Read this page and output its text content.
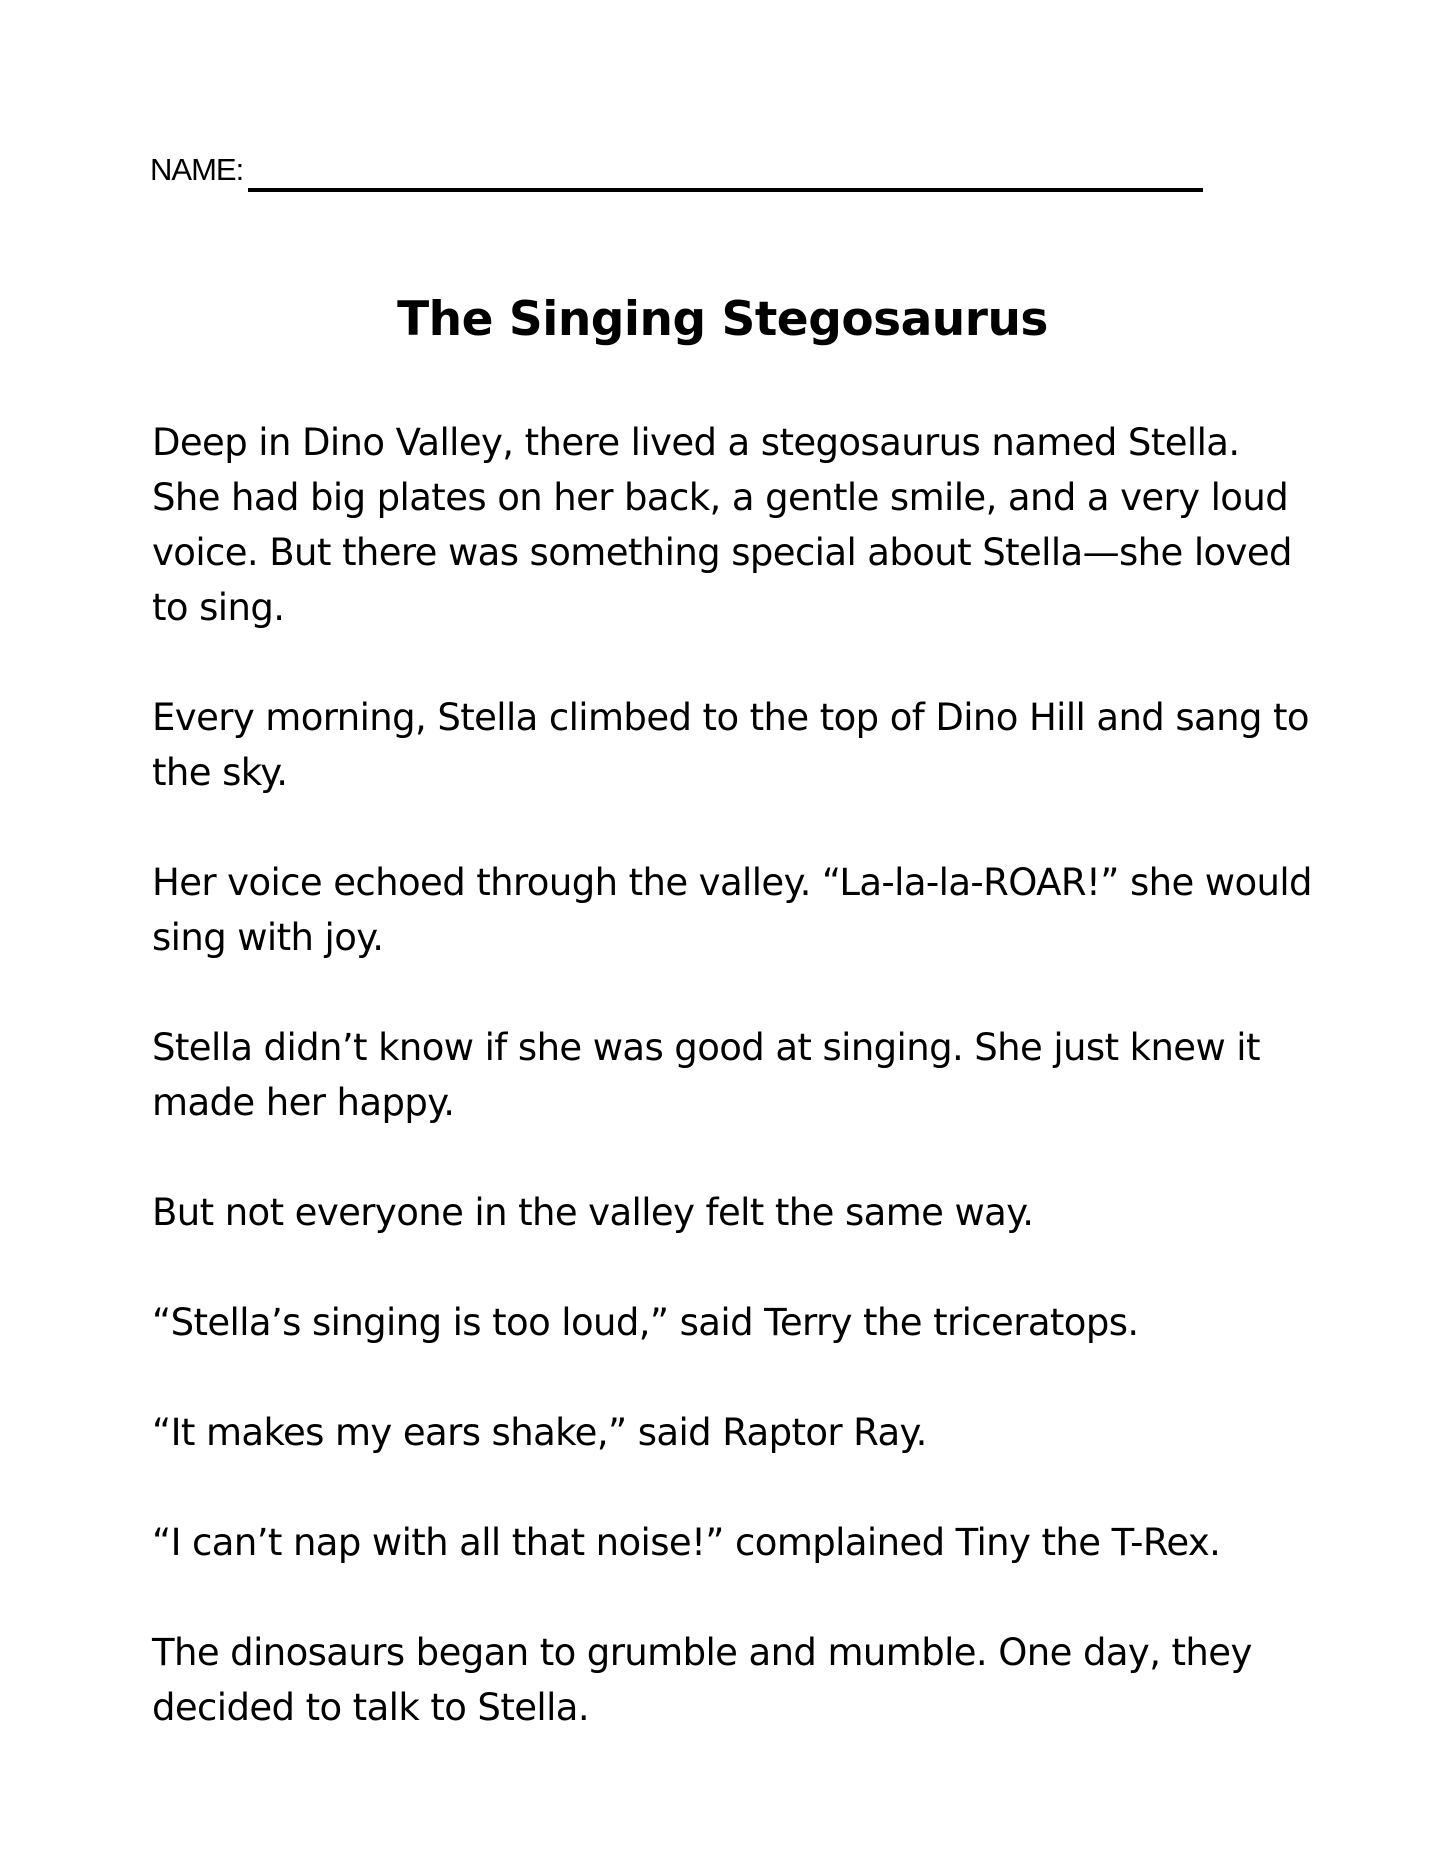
NAME:
The Singing Stegosaurus

Deep in Dino Valley, there lived a stegosaurus named Stella. She had big plates on her back, a gentle smile, and a very loud voice. But there was something special about Stella—she loved to sing.

Every morning, Stella climbed to the top of Dino Hill and sang to the sky.

Her voice echoed through the valley. “La-la-la-ROAR!” she would sing with joy.

Stella didn’t know if she was good at singing. She just knew it made her happy.

But not everyone in the valley felt the same way.

“Stella’s singing is too loud,” said Terry the triceratops.

“It makes my ears shake,” said Raptor Ray.

“I can’t nap with all that noise!” complained Tiny the T-Rex.

The dinosaurs began to grumble and mumble. One day, they decided to talk to Stella.
